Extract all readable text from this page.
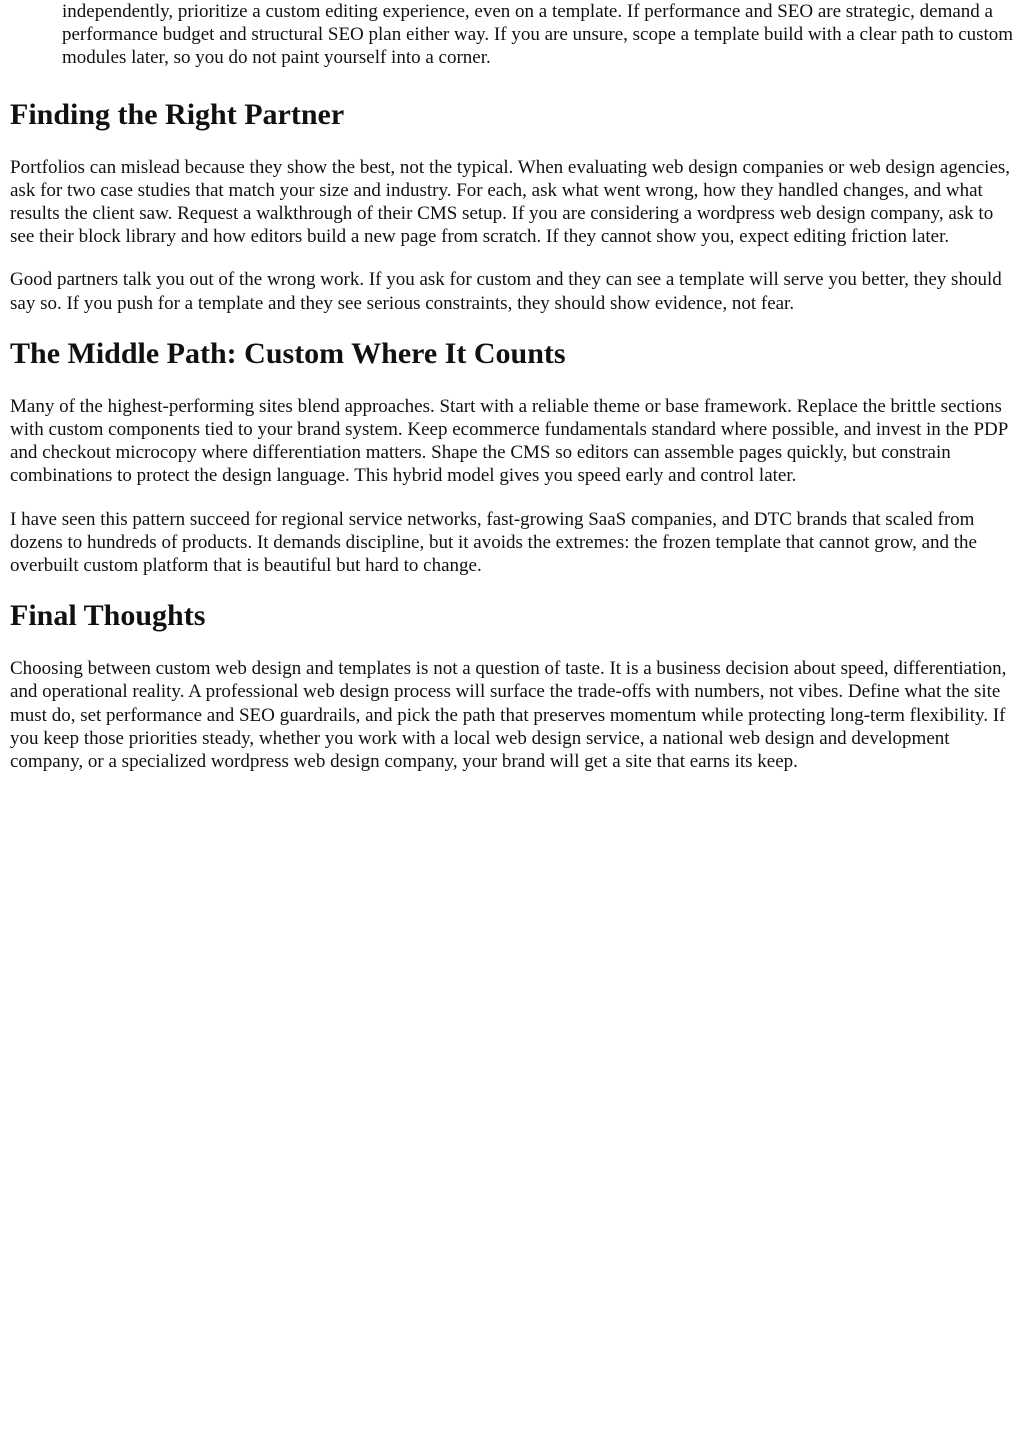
independently, prioritize a custom editing experience, even on a template. If performance and SEO are strategic, demand a performance budget and structural SEO plan either way. If you are unsure, scope a template build with a clear path to custom modules later, so you do not paint yourself into a corner.

Finding the Right Partner

Portfolios can mislead because they show the best, not the typical. When evaluating web design companies or web design agencies, ask for two case studies that match your size and industry. For each, ask what went wrong, how they handled changes, and what results the client saw. Request a walkthrough of their CMS setup. If you are considering a wordpress web design company, ask to see their block library and how editors build a new page from scratch. If they cannot show you, expect editing friction later.

Good partners talk you out of the wrong work. If you ask for custom and they can see a template will serve you better, they should say so. If you push for a template and they see serious constraints, they should show evidence, not fear.

The Middle Path: Custom Where It Counts

Many of the highest-performing sites blend approaches. Start with a reliable theme or base framework. Replace the brittle sections with custom components tied to your brand system. Keep ecommerce fundamentals standard where possible, and invest in the PDP and checkout microcopy where differentiation matters. Shape the CMS so editors can assemble pages quickly, but constrain combinations to protect the design language. This hybrid model gives you speed early and control later.

I have seen this pattern succeed for regional service networks, fast-growing SaaS companies, and DTC brands that scaled from dozens to hundreds of products. It demands discipline, but it avoids the extremes: the frozen template that cannot grow, and the overbuilt custom platform that is beautiful but hard to change.

Final Thoughts

Choosing between custom web design and templates is not a question of taste. It is a business decision about speed, differentiation, and operational reality. A professional web design process will surface the trade-offs with numbers, not vibes. Define what the site must do, set performance and SEO guardrails, and pick the path that preserves momentum while protecting long-term flexibility. If you keep those priorities steady, whether you work with a local web design service, a national web design and development company, or a specialized wordpress web design company, your brand will get a site that earns its keep.
